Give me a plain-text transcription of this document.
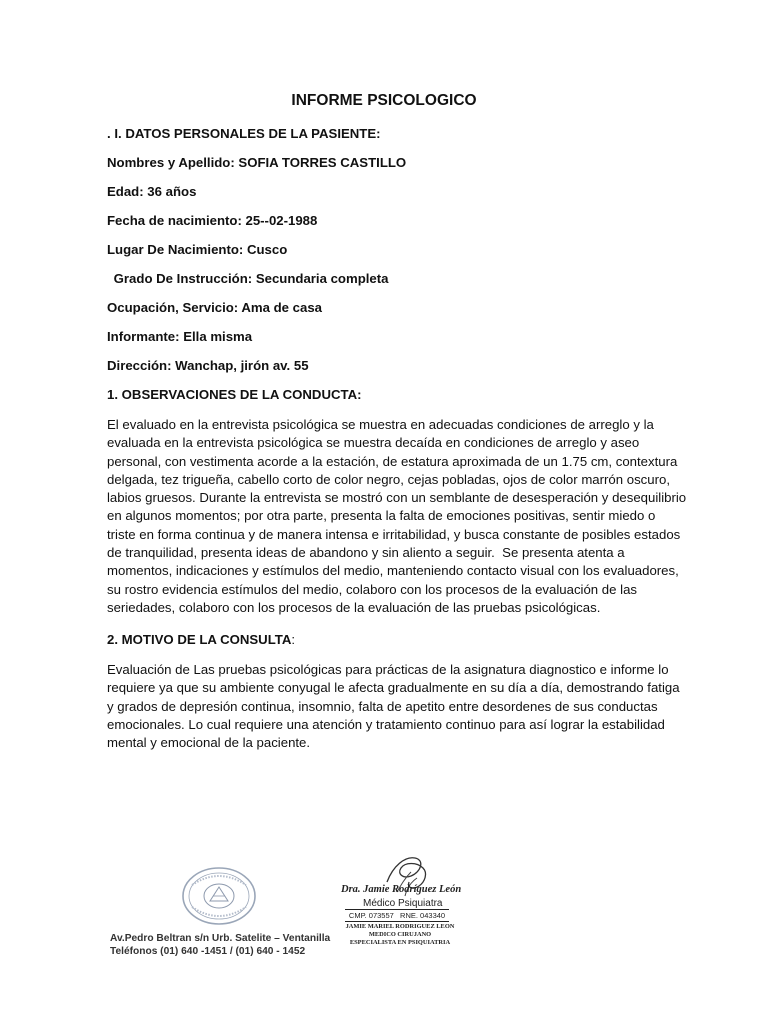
INFORME PSICOLOGICO
. I. DATOS PERSONALES DE LA PASIENTE:
Nombres y Apellido: SOFIA TORRES CASTILLO
Edad: 36 años
Fecha de nacimiento: 25--02-1988
Lugar De Nacimiento: Cusco
Grado De Instrucción: Secundaria completa
Ocupación, Servicio: Ama de casa
Informante: Ella misma
Dirección: Wanchap, jirón av. 55
1. OBSERVACIONES DE LA CONDUCTA:
El evaluado en la entrevista psicológica se muestra en adecuadas condiciones de arreglo y la
evaluada en la entrevista psicológica se muestra decaída en condiciones de arreglo y aseo
personal, con vestimenta acorde a la estación, de estatura aproximada de un 1.75 cm, contextura
delgada, tez trigueña, cabello corto de color negro, cejas pobladas, ojos de color marrón oscuro,
labios gruesos. Durante la entrevista se mostró con un semblante de desesperación y desequilibrio
en algunos momentos; por otra parte, presenta la falta de emociones positivas, sentir miedo o
triste en forma continua y de manera intensa e irritabilidad, y busca constante de posibles estados
de tranquilidad, presenta ideas de abandono y sin aliento a seguir.  Se presenta atenta a
momentos, indicaciones y estímulos del medio, manteniendo contacto visual con los evaluadores,
su rostro evidencia estímulos del medio, colaboro con los procesos de la evaluación de las
seriedades, colaboro con los procesos de la evaluación de las pruebas psicológicas.
2. MOTIVO DE LA CONSULTA:
Evaluación de Las pruebas psicológicas para prácticas de la asignatura diagnostico e informe lo
requiere ya que su ambiente conyugal le afecta gradualmente en su día a día, demostrando fatiga
y grados de depresión continua, insomnio, falta de apetito entre desordenes de sus conductas
emocionales. Lo cual requiere una atención y tratamiento continuo para así lograr la estabilidad
mental y emocional de la paciente.
Av.Pedro Beltran s/n Urb. Satelite – Ventanilla
Teléfonos (01) 640 -1451 / (01) 640 - 1452
Dra. Jamie Rodríguez León
Médico Psiquiatra
CMP. 073557   RNE. 043340
JAMIE MARIEL RODRIGUEZ LEON
MEDICO CIRUJANO
ESPECIALISTA EN PSIQUIATRIA
